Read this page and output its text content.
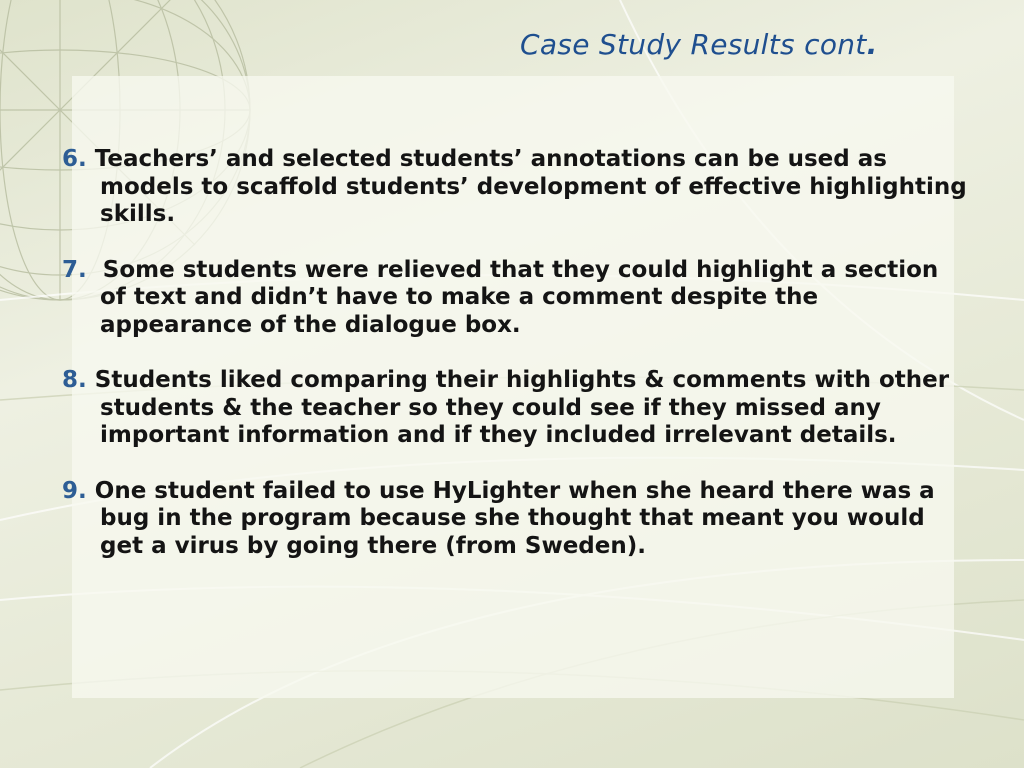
Case Study Results cont.
6. Teachers’ and selected students’ annotations can be used as models to scaffold students’ development of effective highlighting skills.
7. Some students were relieved that they could highlight a section of text and didn’t have to make a comment despite the appearance of the dialogue box.
8. Students liked comparing their highlights & comments with other students & the teacher so they could see if they missed any important information and if they included irrelevant details.
9. One student failed to use HyLighter when she heard there was a bug in the program because she thought that meant you would get a virus by going there (from Sweden).
